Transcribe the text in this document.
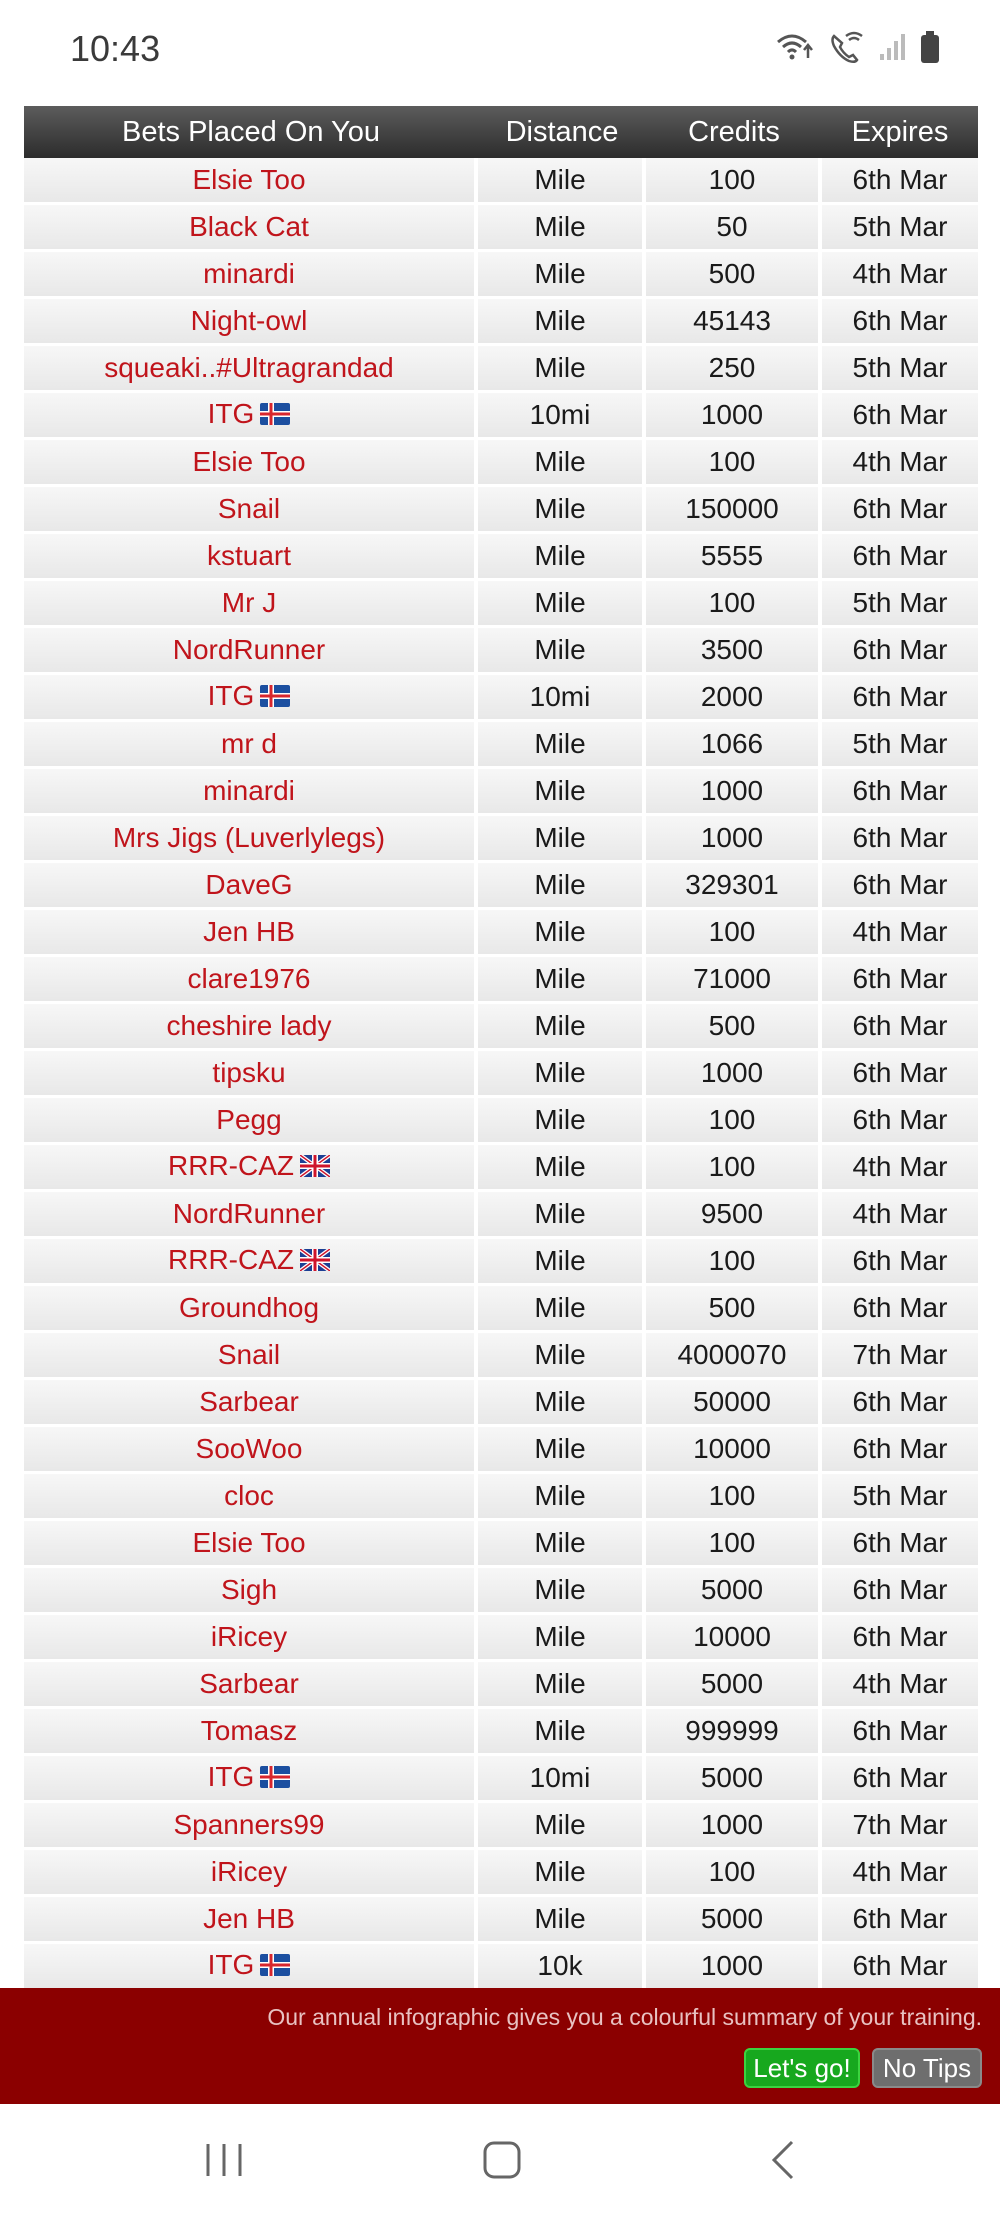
10:43
Bets Placed On You	Distance	Credits	Expires
Elsie Too	Mile	100	6th Mar
Black Cat	Mile	50	5th Mar
minardi	Mile	500	4th Mar
Night-owl	Mile	45143	6th Mar
squeaki..#Ultragrandad	Mile	250	5th Mar
ITG	10mi	1000	6th Mar
Elsie Too	Mile	100	4th Mar
Snail	Mile	150000	6th Mar
kstuart	Mile	5555	6th Mar
Mr J	Mile	100	5th Mar
NordRunner	Mile	3500	6th Mar
ITG	10mi	2000	6th Mar
mr d	Mile	1066	5th Mar
minardi	Mile	1000	6th Mar
Mrs Jigs (Luverlylegs)	Mile	1000	6th Mar
DaveG	Mile	329301	6th Mar
Jen HB	Mile	100	4th Mar
clare1976	Mile	71000	6th Mar
cheshire lady	Mile	500	6th Mar
tipsku	Mile	1000	6th Mar
Pegg	Mile	100	6th Mar
RRR-CAZ	Mile	100	4th Mar
NordRunner	Mile	9500	4th Mar
RRR-CAZ	Mile	100	6th Mar
Groundhog	Mile	500	6th Mar
Snail	Mile	4000070	7th Mar
Sarbear	Mile	50000	6th Mar
SooWoo	Mile	10000	6th Mar
cloc	Mile	100	5th Mar
Elsie Too	Mile	100	6th Mar
Sigh	Mile	5000	6th Mar
iRicey	Mile	10000	6th Mar
Sarbear	Mile	5000	4th Mar
Tomasz	Mile	999999	6th Mar
ITG	10mi	5000	6th Mar
Spanners99	Mile	1000	7th Mar
iRicey	Mile	100	4th Mar
Jen HB	Mile	5000	6th Mar
ITG	10k	1000	6th Mar
Our annual infographic gives you a colourful summary of your training.
Let's go!	No Tips
